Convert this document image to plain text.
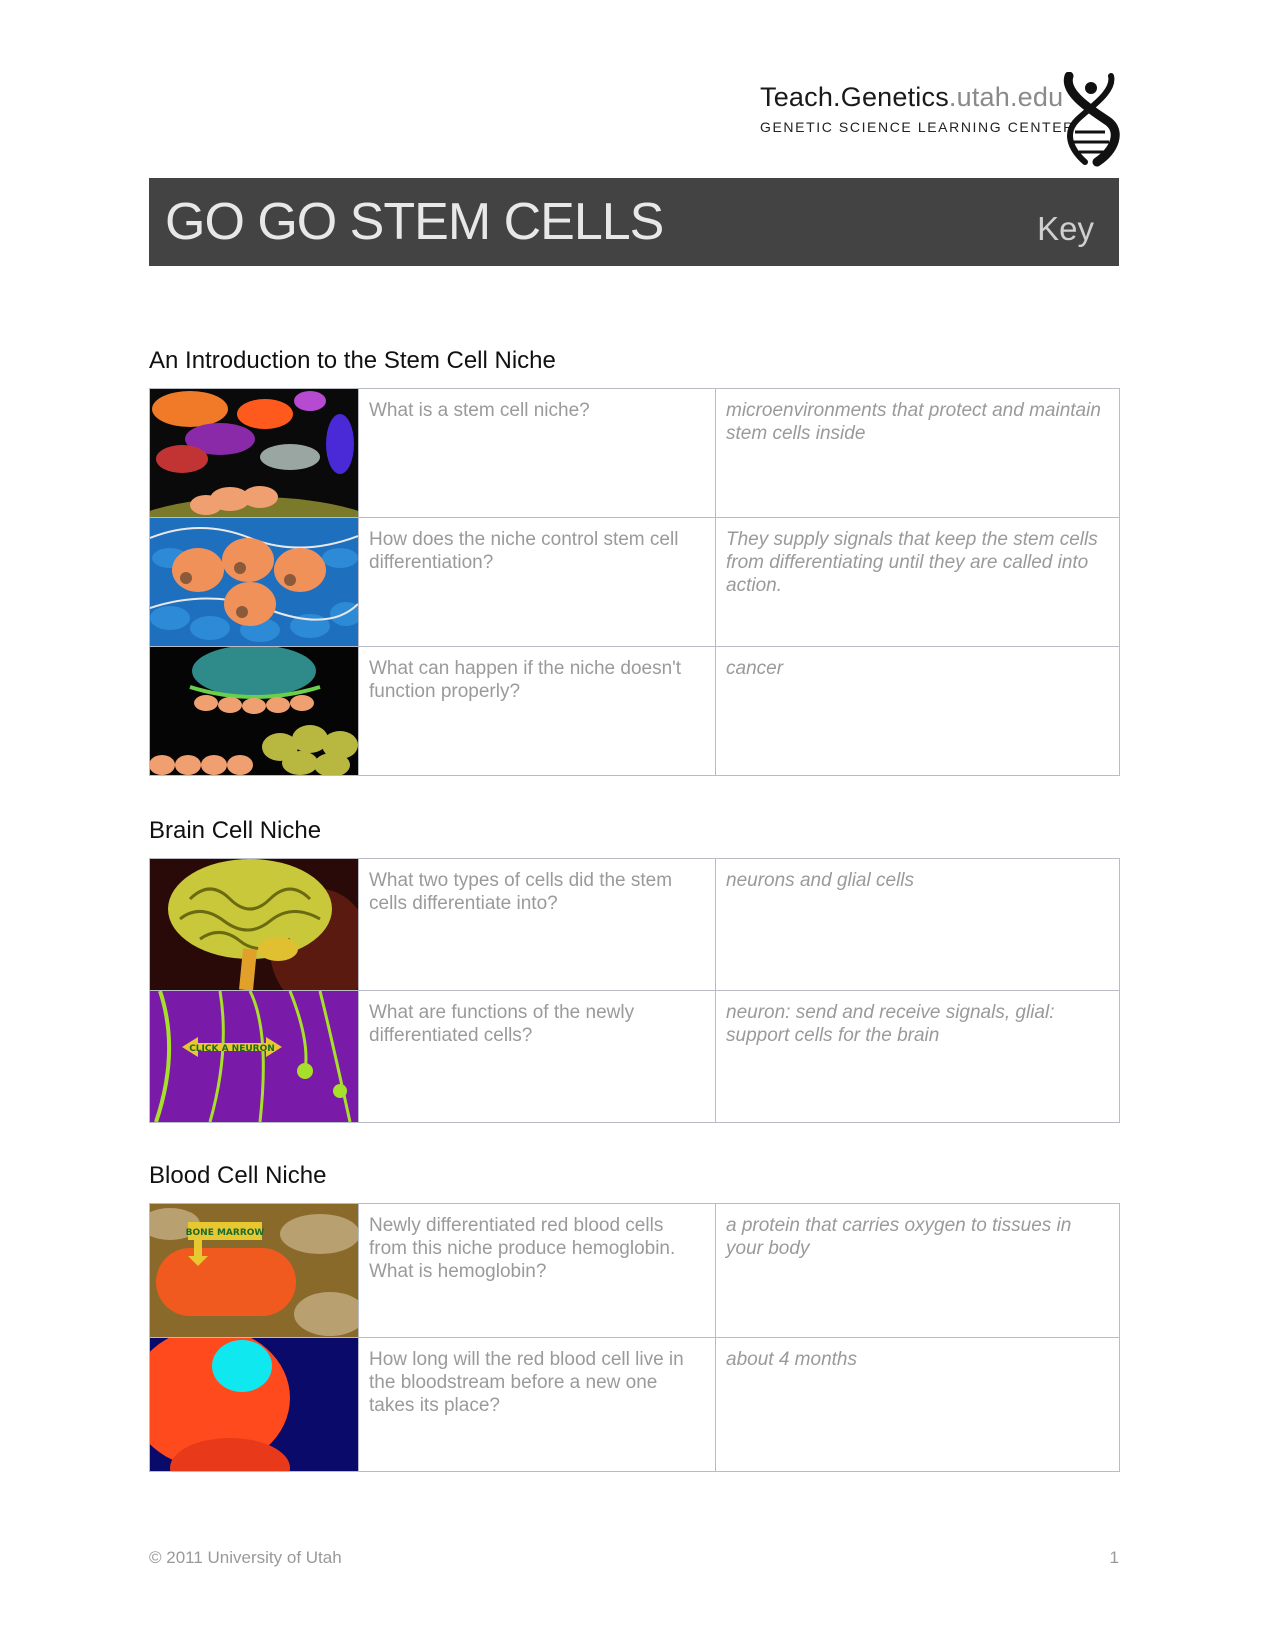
Teach.Genetics.utah.edu
GENETIC SCIENCE LEARNING CENTER
GO GO STEM CELLS	Key
An Introduction to the Stem Cell Niche
	What is a stem cell niche?	microenvironments that protect and maintain stem cells inside

	How does the niche control stem cell differentiation?	They supply signals that keep the stem cells from differentiating until they are called into action.

	What can happen if the niche doesn't function properly?	cancer
Brain Cell Niche
	What two types of cells did the stem cells differentiate into?	neurons and glial cells

CLICK A NEURON	What are functions of the newly differentiated cells?	neuron: send and receive signals, glial: support cells for the brain
Blood Cell Niche
BONE MARROW	Newly differentiated red blood cells from this niche produce hemoglobin. What is hemoglobin?	a protein that carries oxygen to tissues in your body

	How long will the red blood cell live in the bloodstream before a new one takes its place?	about 4 months
© 2011 University of Utah	1
